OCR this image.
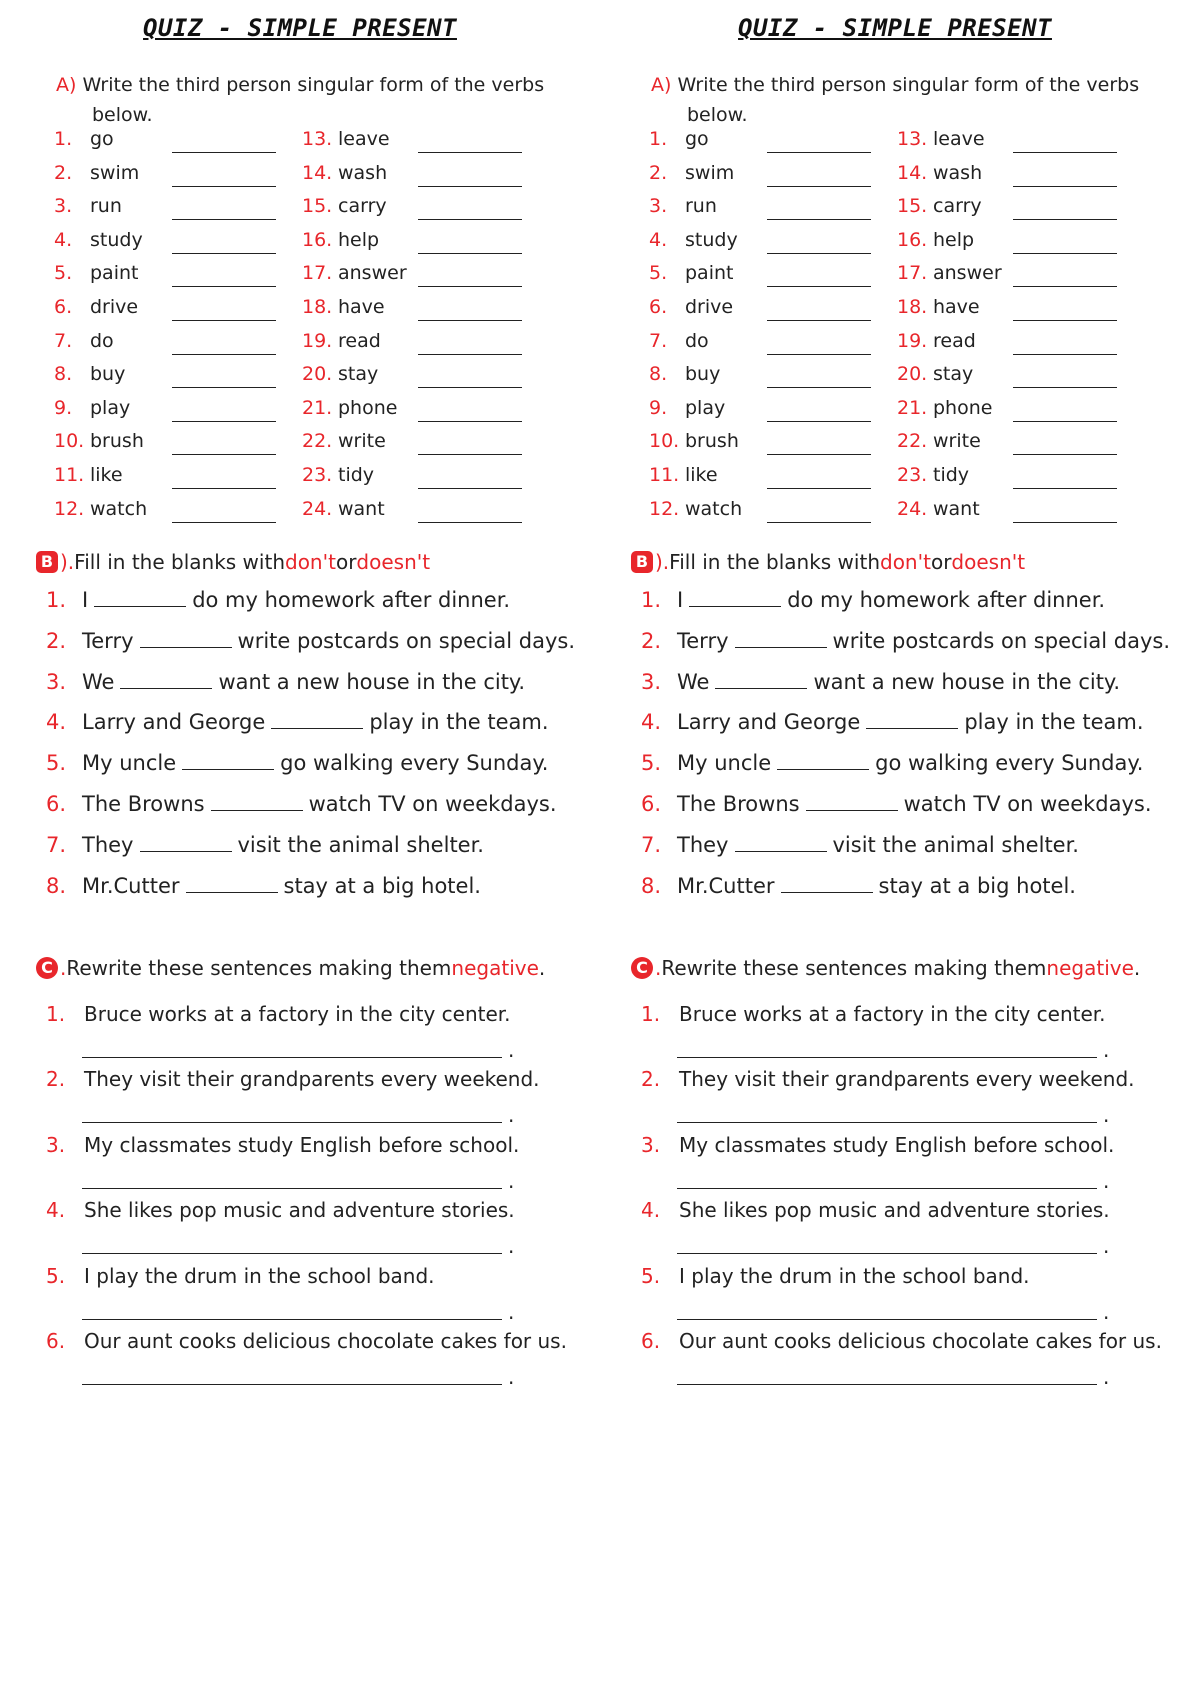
QUIZ - SIMPLE PRESENT
A) Write the third person singular form of the verbs
below.
1. go	13. leave
2. swim	14. wash
3. run	15. carry
4. study	16. help
5. paint	17. answer
6. drive	18. have
7. do	19. read
8. buy	20. stay
9. play	21. phone
10. brush	22. write
11. like	23. tidy
12. watch	24. want
B ). Fill in the blanks with don't or doesn't
1. I	do my homework after dinner.
2. Terry	write postcards on special days.
3. We	want a new house in the city.
4. Larry and George	play in the team.
5. My uncle	go walking every Sunday.
6. The Browns	watch TV on weekdays.
7. They	visit the animal shelter.
8. Mr.Cutter	stay at a big hotel.
C . Rewrite these sentences making them negative .
1. Bruce works at a factory in the city center.
.
2. They visit their grandparents every weekend.
.
3. My classmates study English before school.
.
4. She likes pop music and adventure stories.
.
5. I play the drum in the school band.
.
6. Our aunt cooks delicious chocolate cakes for us.
.
QUIZ - SIMPLE PRESENT
A) Write the third person singular form of the verbs
below.
1. go	13. leave
2. swim	14. wash
3. run	15. carry
4. study	16. help
5. paint	17. answer
6. drive	18. have
7. do	19. read
8. buy	20. stay
9. play	21. phone
10. brush	22. write
11. like	23. tidy
12. watch	24. want
B ). Fill in the blanks with don't or doesn't
1. I	do my homework after dinner.
2. Terry	write postcards on special days.
3. We	want a new house in the city.
4. Larry and George	play in the team.
5. My uncle	go walking every Sunday.
6. The Browns	watch TV on weekdays.
7. They	visit the animal shelter.
8. Mr.Cutter	stay at a big hotel.
C . Rewrite these sentences making them negative .
1. Bruce works at a factory in the city center.
.
2. They visit their grandparents every weekend.
.
3. My classmates study English before school.
.
4. She likes pop music and adventure stories.
.
5. I play the drum in the school band.
.
6. Our aunt cooks delicious chocolate cakes for us.
.
